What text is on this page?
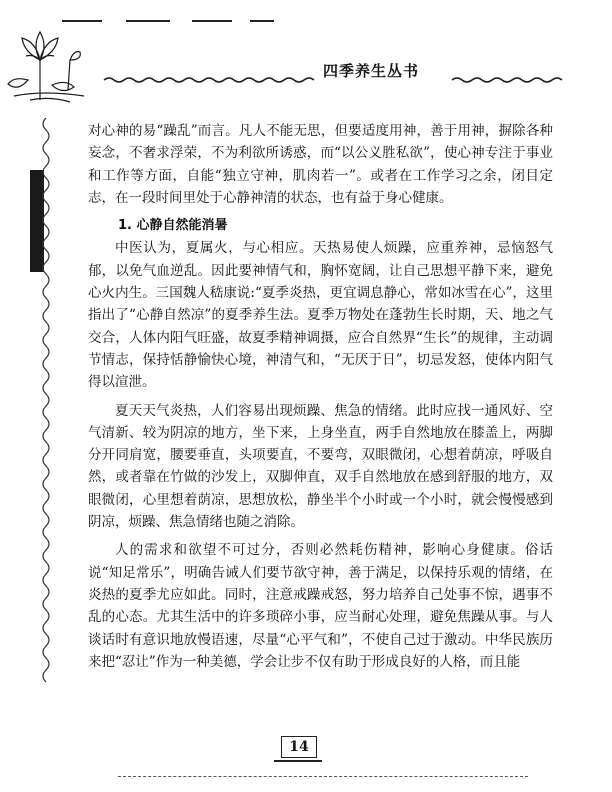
四季养生丛书

对心神的易“躁乱”而言。凡人不能无思，但要适度用神，善于用神，摒除各种妄念，不奢求浮荣，不为利欲所诱惑，而“以公义胜私欲”，使心神专注于事业和工作等方面，自能“独立守神，肌肉若一”。或者在工作学习之余，闭目定志，在一段时间里处于心静神清的状态，也有益于身心健康。

1. 心静自然能消暑

中医认为，夏属火，与心相应。天热易使人烦躁，应重养神，忌恼怒气郁，以免气血逆乱。因此要神情气和，胸怀宽阔，让自己思想平静下来，避免心火内生。三国魏人嵇康说:“夏季炎热，更宜调息静心，常如冰雪在心”，这里指出了“心静自然凉”的夏季养生法。夏季万物处在蓬勃生长时期，天、地之气交合，人体内阳气旺盛，故夏季精神调摄，应合自然界“生长”的规律，主动调节情志，保持恬静愉快心境，神清气和，“无厌于日”，切忌发怒，使体内阳气得以渲泄。

夏天天气炎热，人们容易出现烦躁、焦急的情绪。此时应找一通风好、空气清新、较为阴凉的地方，坐下来，上身坐直，两手自然地放在膝盖上，两脚分开同肩宽，腰要垂直，头项要直，不要弯，双眼微闭，心想着荫凉，呼吸自然，或者靠在竹做的沙发上，双脚伸直，双手自然地放在感到舒服的地方，双眼微闭，心里想着荫凉，思想放松，静坐半个小时或一个小时，就会慢慢感到阴凉，烦躁、焦急情绪也随之消除。

人的需求和欲望不可过分，否则必然耗伤精神，影响心身健康。俗话说“知足常乐”，明确告诫人们要节欲守神，善于满足，以保持乐观的情绪，在炎热的夏季尤应如此。同时，注意戒躁戒怒，努力培养自己处事不惊，遇事不乱的心态。尤其生活中的许多琐碎小事，应当耐心处理，避免焦躁从事。与人谈话时有意识地放慢语速，尽量“心平气和”，不使自己过于激动。中华民族历来把“忍让”作为一种美德，学会让步不仅有助于形成良好的人格，而且能

14
